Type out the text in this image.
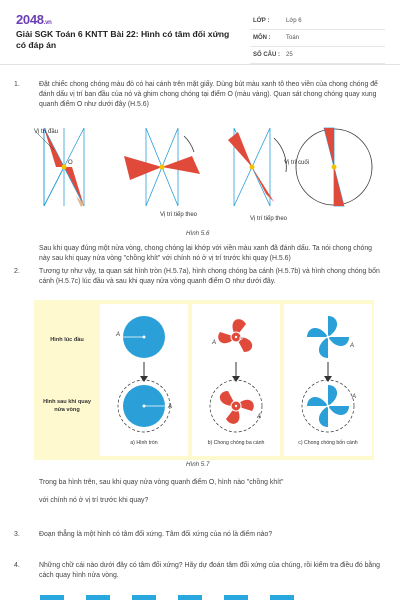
2048.vn
Giải SGK Toán 6 KNTT Bài 22: Hình có tâm đối xứng có đáp án
LỚP :	Lớp 6
MÔN :	Toán
SỐ CÂU : 25
1.	Đặt chiếc chong chóng màu đỏ có hai cánh trên mặt giấy. Dùng bút màu xanh tô theo viền của chong chóng để đánh dấu vị trí ban đầu của nó và ghim chong chóng tại điểm O (màu vàng). Quan sát chong chóng quay xung quanh điểm O như dưới đây (H.5.6)
Vị trí đầu
O
Vị trí tiếp theo
Vị trí tiếp theo
Vị trí cuối
Hình 5.6
Sau khi quay đúng một nửa vòng, chong chóng lại khớp với viền màu xanh đã đánh dấu. Ta nói chong chóng này sau khi quay nửa vòng "chồng khít" với chính nó ở vị trí trước khi quay (H.5.6)
2.	Tương tự như vậy, ta quan sát hình tròn (H.5.7a), hình chong chóng ba cánh (H.5.7b) và hình chong chóng bốn cánh (H.5.7c) lúc đầu và sau khi quay nửa vòng quanh điểm O như dưới đây.
Hình lúc đầu
Hình sau khi quay nửa vòng
A
A
A
A
A
A
O
a) Hình tròn	b) Chong chóng ba cánh	c) Chong chóng bốn cánh
Hình 5.7
Trong ba hình trên, sau khi quay nửa vòng quanh điểm O, hình nào "chồng khít"
với chính nó ở vị trí trước khi quay?
3.	Đoạn thẳng là một hình có tâm đối xứng. Tâm đối xứng của nó là điểm nào?
4.	Những chữ cái nào dưới đây có tâm đối xứng? Hãy dự đoán tâm đối xứng của chúng, rồi kiểm tra điều đó bằng cách quay hình nửa vòng.
